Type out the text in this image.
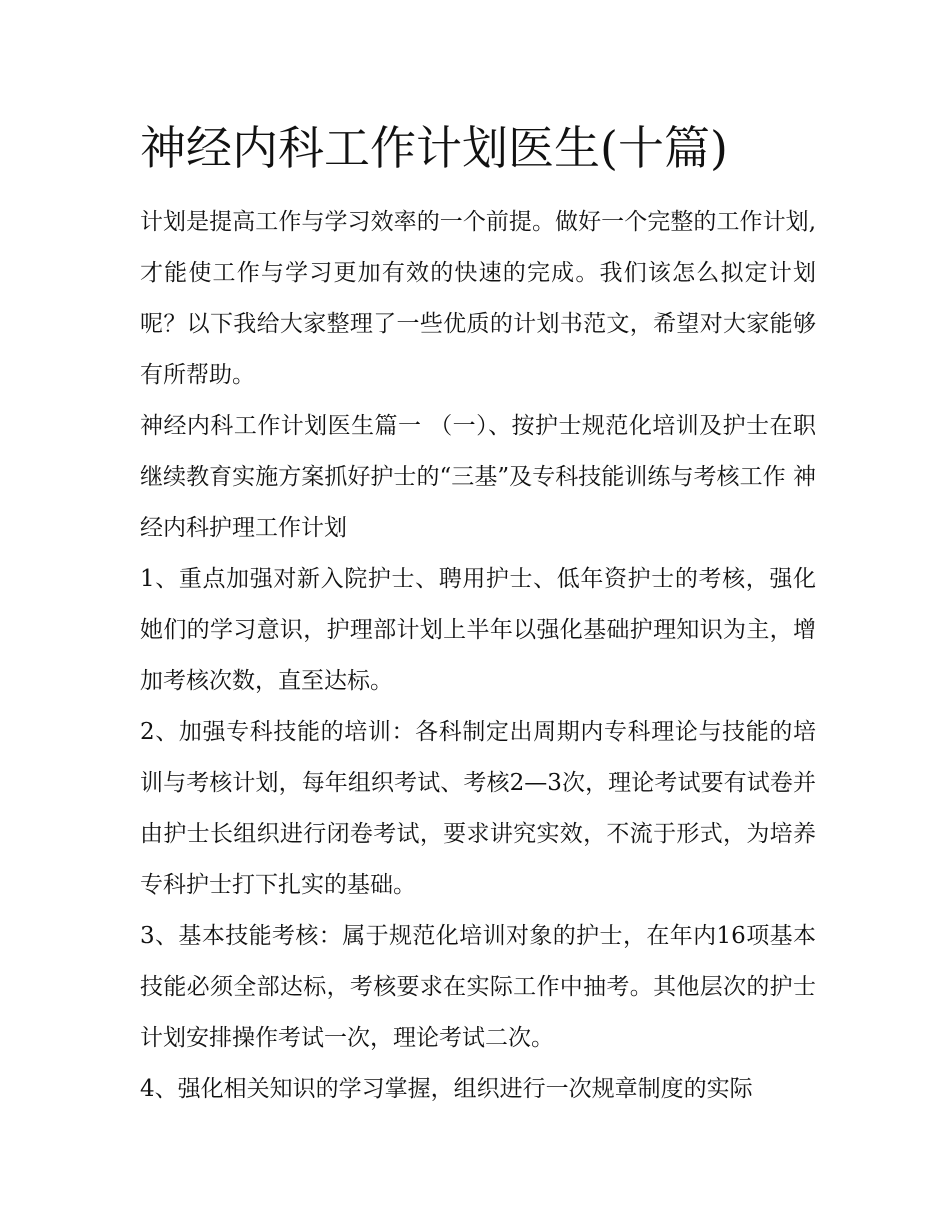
神经内科工作计划医生(十篇)

计划是提高工作与学习效率的一个前提。做好一个完整的工作计划,才能使工作与学习更加有效的快速的完成。我们该怎么拟定计划呢？以下我给大家整理了一些优质的计划书范文，希望对大家能够有所帮助。

神经内科工作计划医生篇一 （一）、按护士规范化培训及护士在职继续教育实施方案抓好护士的“三基”及专科技能训练与考核工作 神经内科护理工作计划

1、重点加强对新入院护士、聘用护士、低年资护士的考核，强化她们的学习意识，护理部计划上半年以强化基础护理知识为主，增加考核次数，直至达标。

2、加强专科技能的培训：各科制定出周期内专科理论与技能的培训与考核计划，每年组织考试、考核2—3次，理论考试要有试卷并由护士长组织进行闭卷考试，要求讲究实效，不流于形式，为培养专科护士打下扎实的基础。

3、基本技能考核：属于规范化培训对象的护士，在年内16项基本技能必须全部达标，考核要求在实际工作中抽考。其他层次的护士计划安排操作考试一次，理论考试二次。

4、强化相关知识的学习掌握，组织进行一次规章制度的实际
